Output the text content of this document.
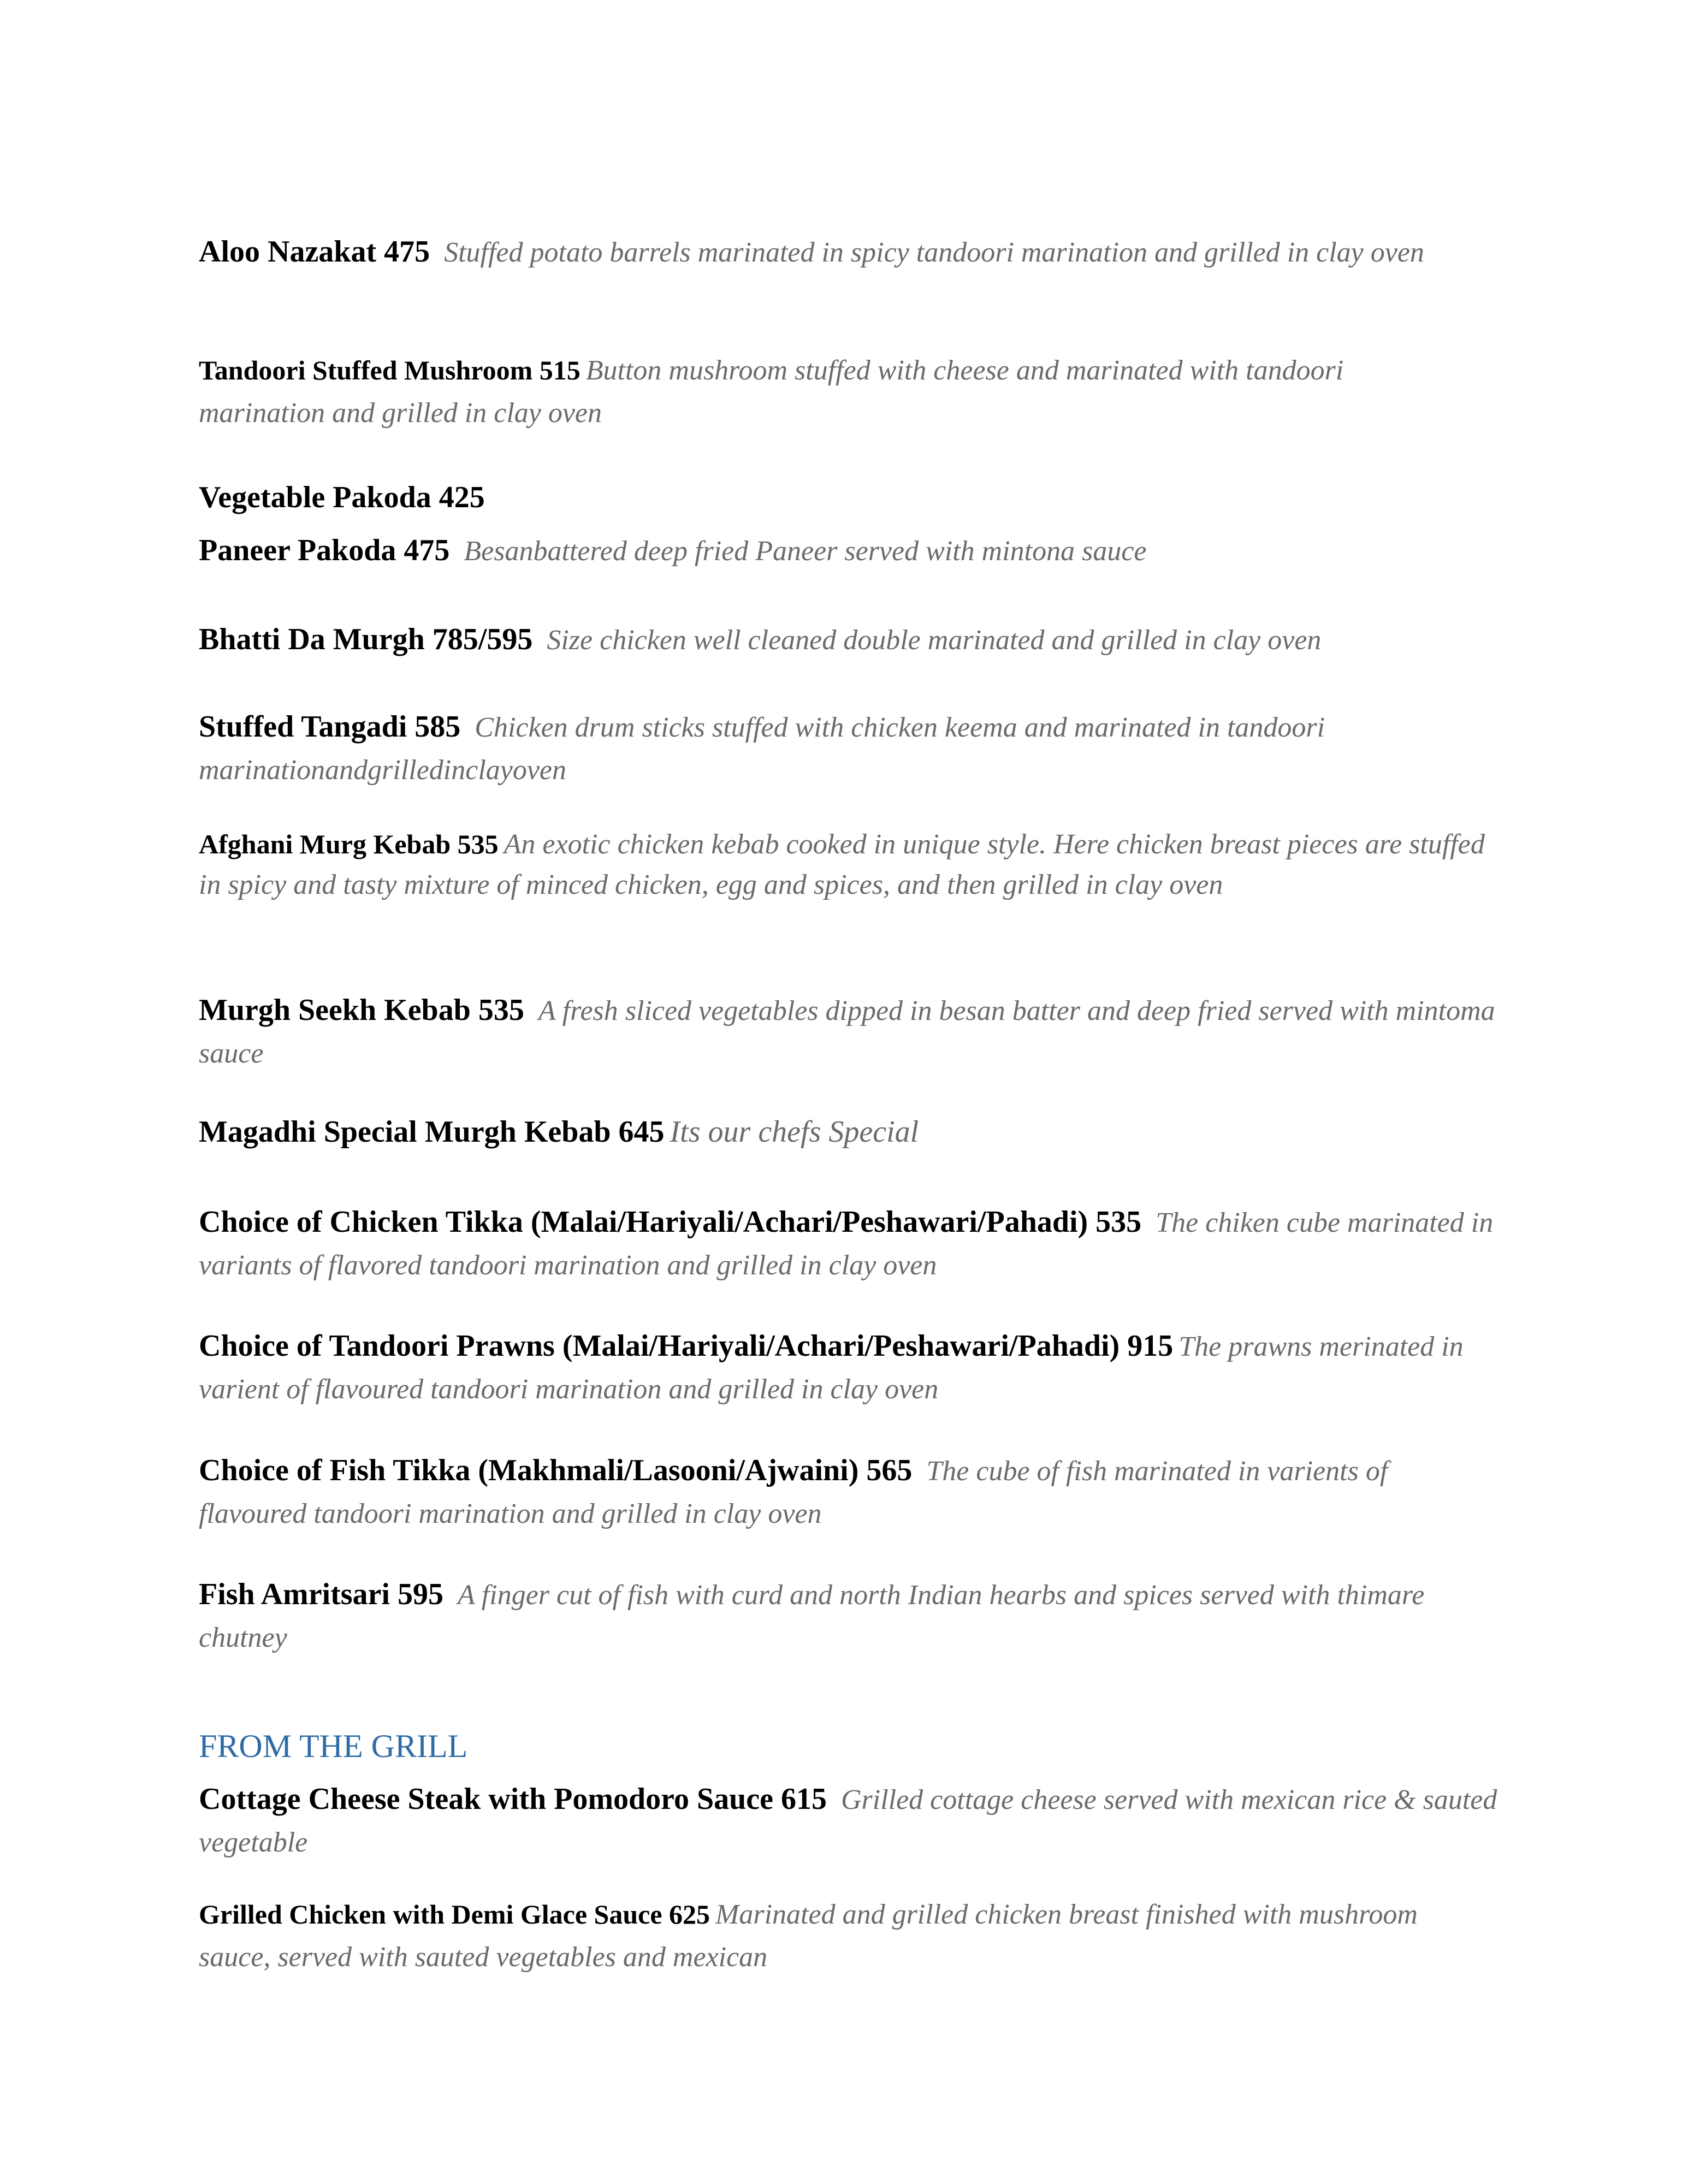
Aloo Nazakat 475 Stuffed potato barrels marinated in spicy tandoori marination and grilled in clay oven
Tandoori Stuffed Mushroom 515 Button mushroom stuffed with cheese and marinated with tandoori marination and grilled in clay oven
Vegetable Pakoda 425
Paneer Pakoda 475 Besanbattered deep fried Paneer served with mintona sauce
Bhatti Da Murgh 785/595 Size chicken well cleaned double marinated and grilled in clay oven
Stuffed Tangadi 585 Chicken drum sticks stuffed with chicken keema and marinated in tandoori marinationandgrilledinclayoven
Afghani Murg Kebab 535 An exotic chicken kebab cooked in unique style. Here chicken breast pieces are stuffed in spicy and tasty mixture of minced chicken, egg and spices, and then grilled in clay oven
Murgh Seekh Kebab 535 A fresh sliced vegetables dipped in besan batter and deep fried served with mintoma sauce
Magadhi Special Murgh Kebab 645 Its our chefs Special
Choice of Chicken Tikka (Malai/Hariyali/Achari/Peshawari/Pahadi) 535 The chiken cube marinated in variants of flavored tandoori marination and grilled in clay oven
Choice of Tandoori Prawns (Malai/Hariyali/Achari/Peshawari/Pahadi) 915 The prawns merinated in varient of flavoured tandoori marination and grilled in clay oven
Choice of Fish Tikka (Makhmali/Lasooni/Ajwaini) 565 The cube of fish marinated in varients of flavoured tandoori marination and grilled in clay oven
Fish Amritsari 595 A finger cut of fish with curd and north Indian hearbs and spices served with thimare chutney
FROM THE GRILL
Cottage Cheese Steak with Pomodoro Sauce 615 Grilled cottage cheese served with mexican rice & sauted vegetable
Grilled Chicken with Demi Glace Sauce 625 Marinated and grilled chicken breast finished with mushroom sauce, served with sauted vegetables and mexican
